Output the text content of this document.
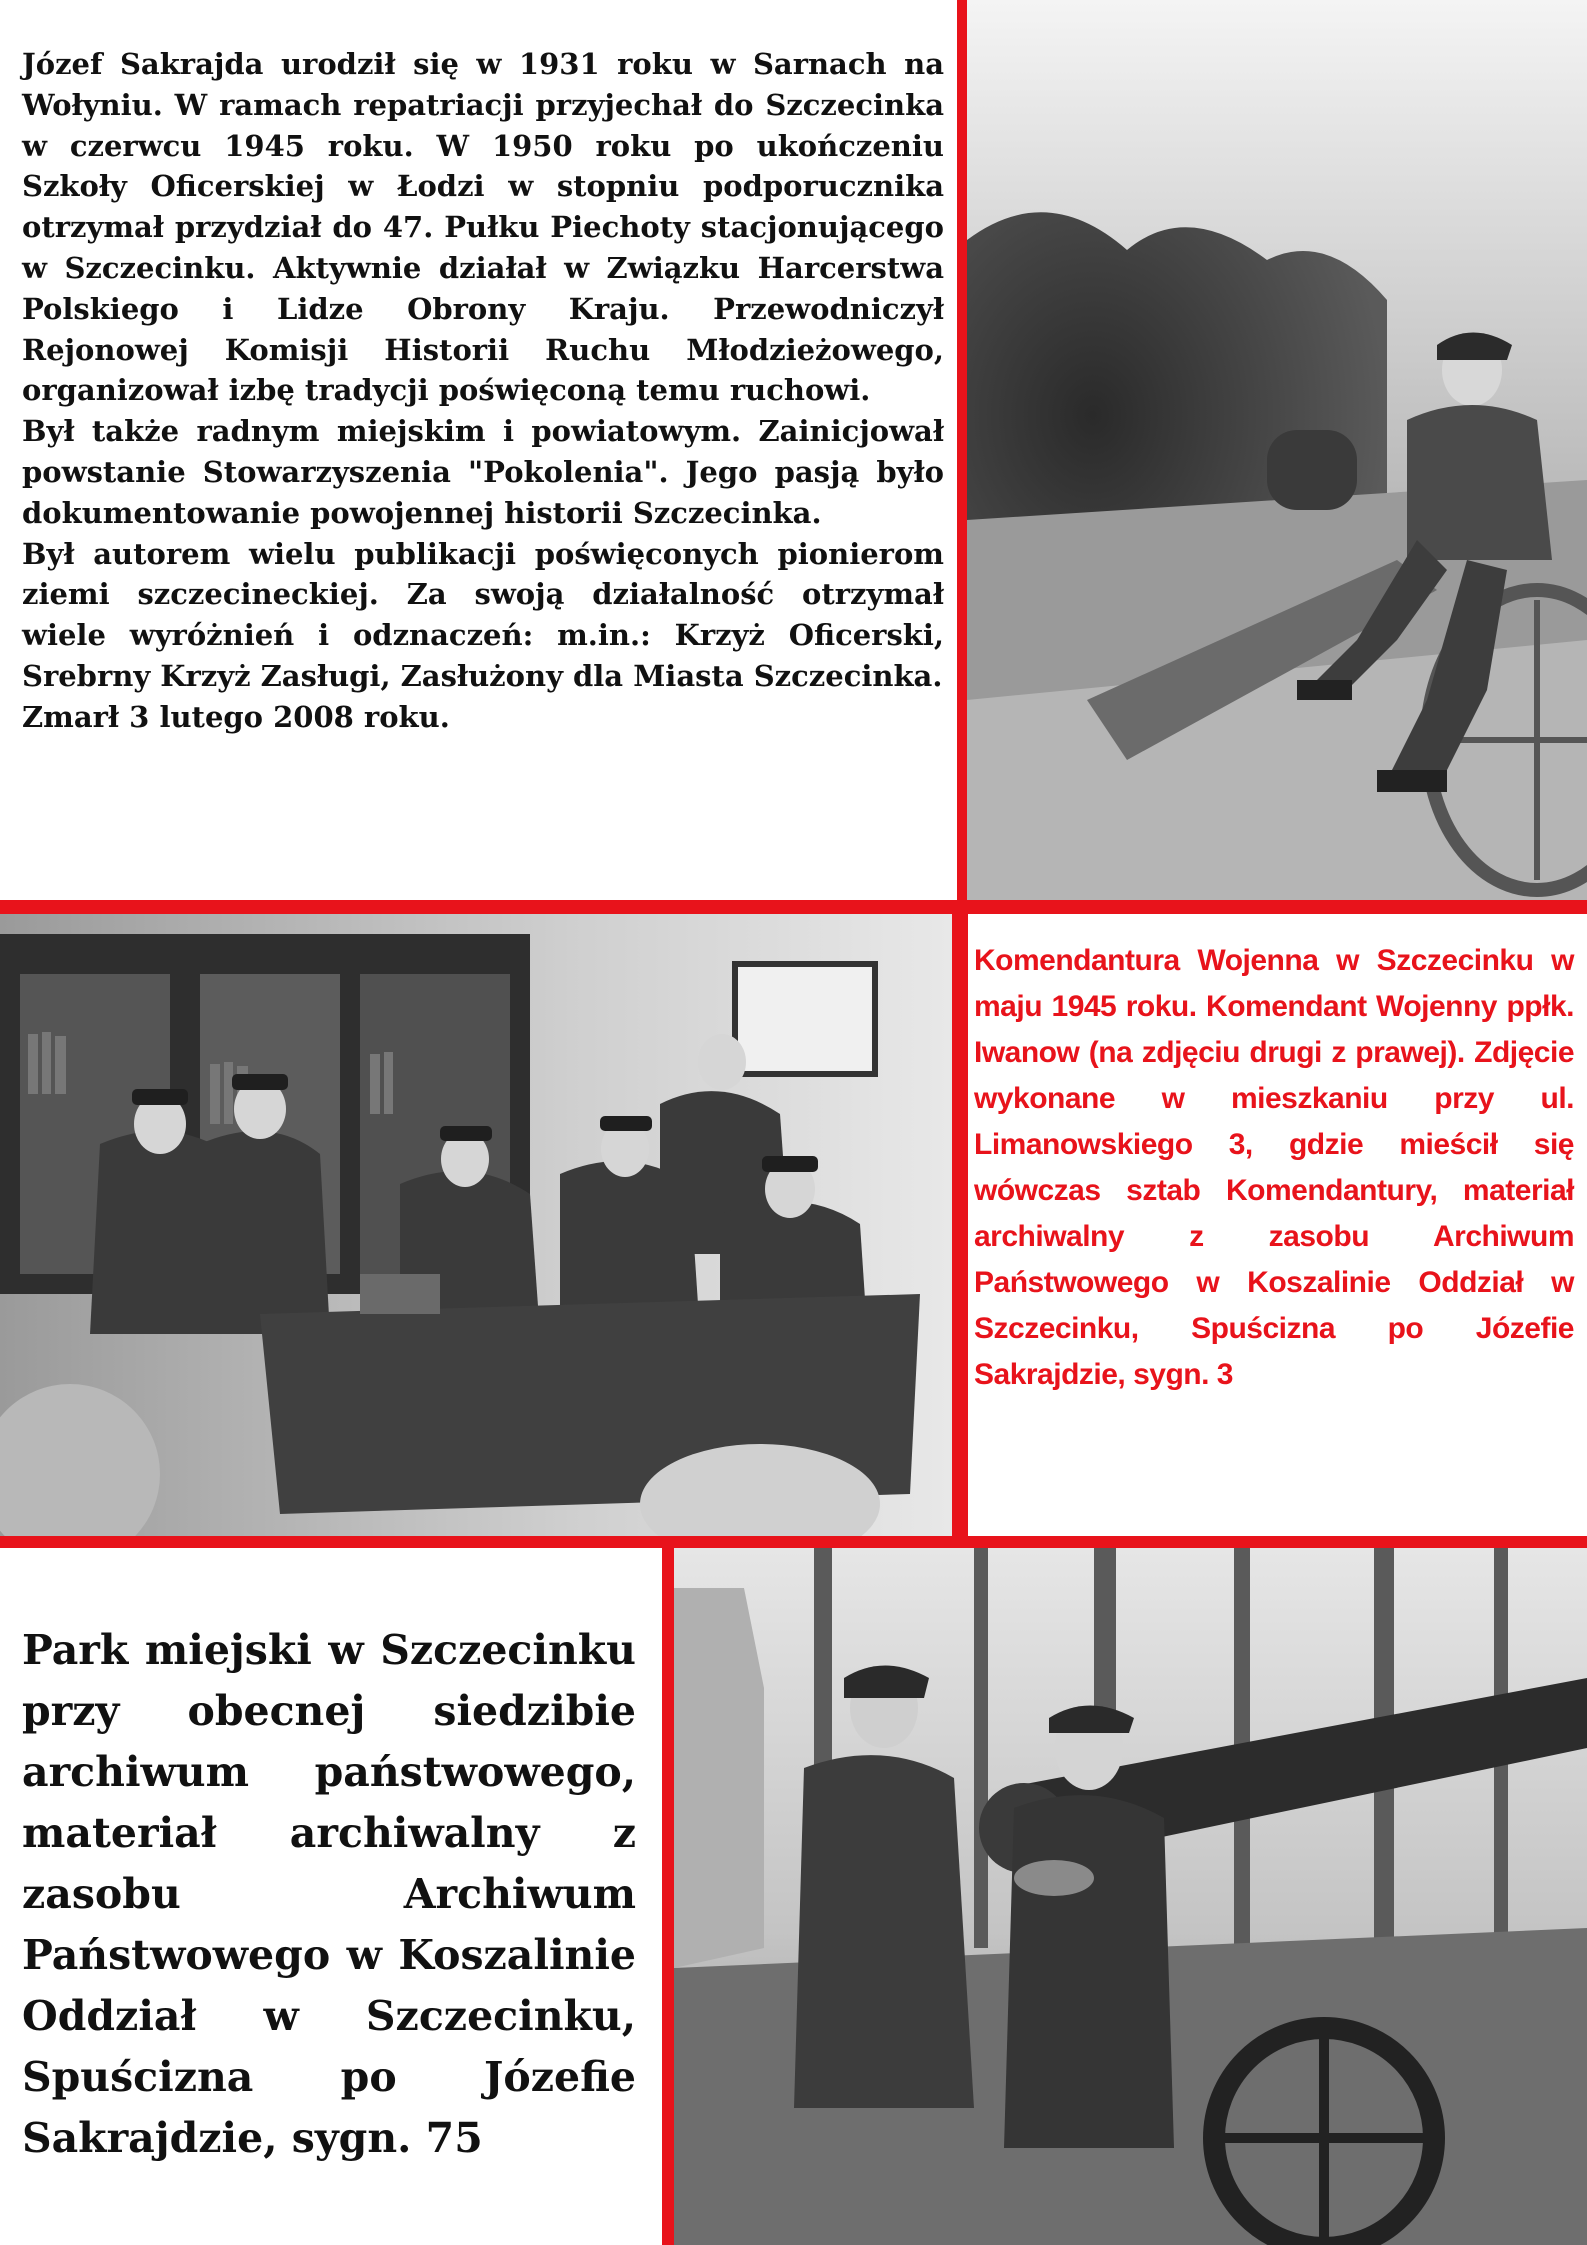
Józef Sakrajda urodził się w 1931 roku w Sarnach na Wołyniu. W ramach repatriacji przyjechał do Szczecinka w czerwcu 1945 roku. W 1950 roku po ukończeniu Szkoły Oficerskiej w Łodzi w stopniu podporucznika otrzymał przydział do 47. Pułku Piechoty stacjonującego w Szczecinku. Aktywnie działał w Związku Harcerstwa Polskiego i Lidze Obrony Kraju. Przewodniczył Rejonowej Komisji Historii Ruchu Młodzieżowego, organizował izbę tradycji poświęconą temu ruchowi.

Był także radnym miejskim i powiatowym. Zainicjował powstanie Stowarzyszenia "Pokolenia". Jego pasją było dokumentowanie powojennej historii Szczecinka.

Był autorem wielu publikacji poświęconych pionierom ziemi szczecineckiej. Za swoją działalność otrzymał wiele wyróżnień i odznaczeń: m.in.: Krzyż Oficerski, Srebrny Krzyż Zasługi, Zasłużony dla Miasta Szczecinka.

Zmarł 3 lutego 2008 roku.

Komendantura Wojenna w Szczecinku w maju 1945 roku. Komendant Wojenny ppłk. Iwanow (na zdjęciu drugi z prawej). Zdjęcie wykonane w mieszkaniu przy ul. Limanowskiego 3, gdzie mieścił się wówczas sztab Komendantury, materiał archiwalny z zasobu Archiwum Państwowego w Koszalinie Oddział w Szczecinku, Spuścizna po Józefie Sakrajdzie, sygn. 3
Park miejski w Szczecinku przy obecnej siedzibie archiwum państwowego, materiał archiwalny z zasobu Archiwum Państwowego w Koszalinie Oddział w Szczecinku, Spuścizna po Józefie Sakrajdzie, sygn. 75
